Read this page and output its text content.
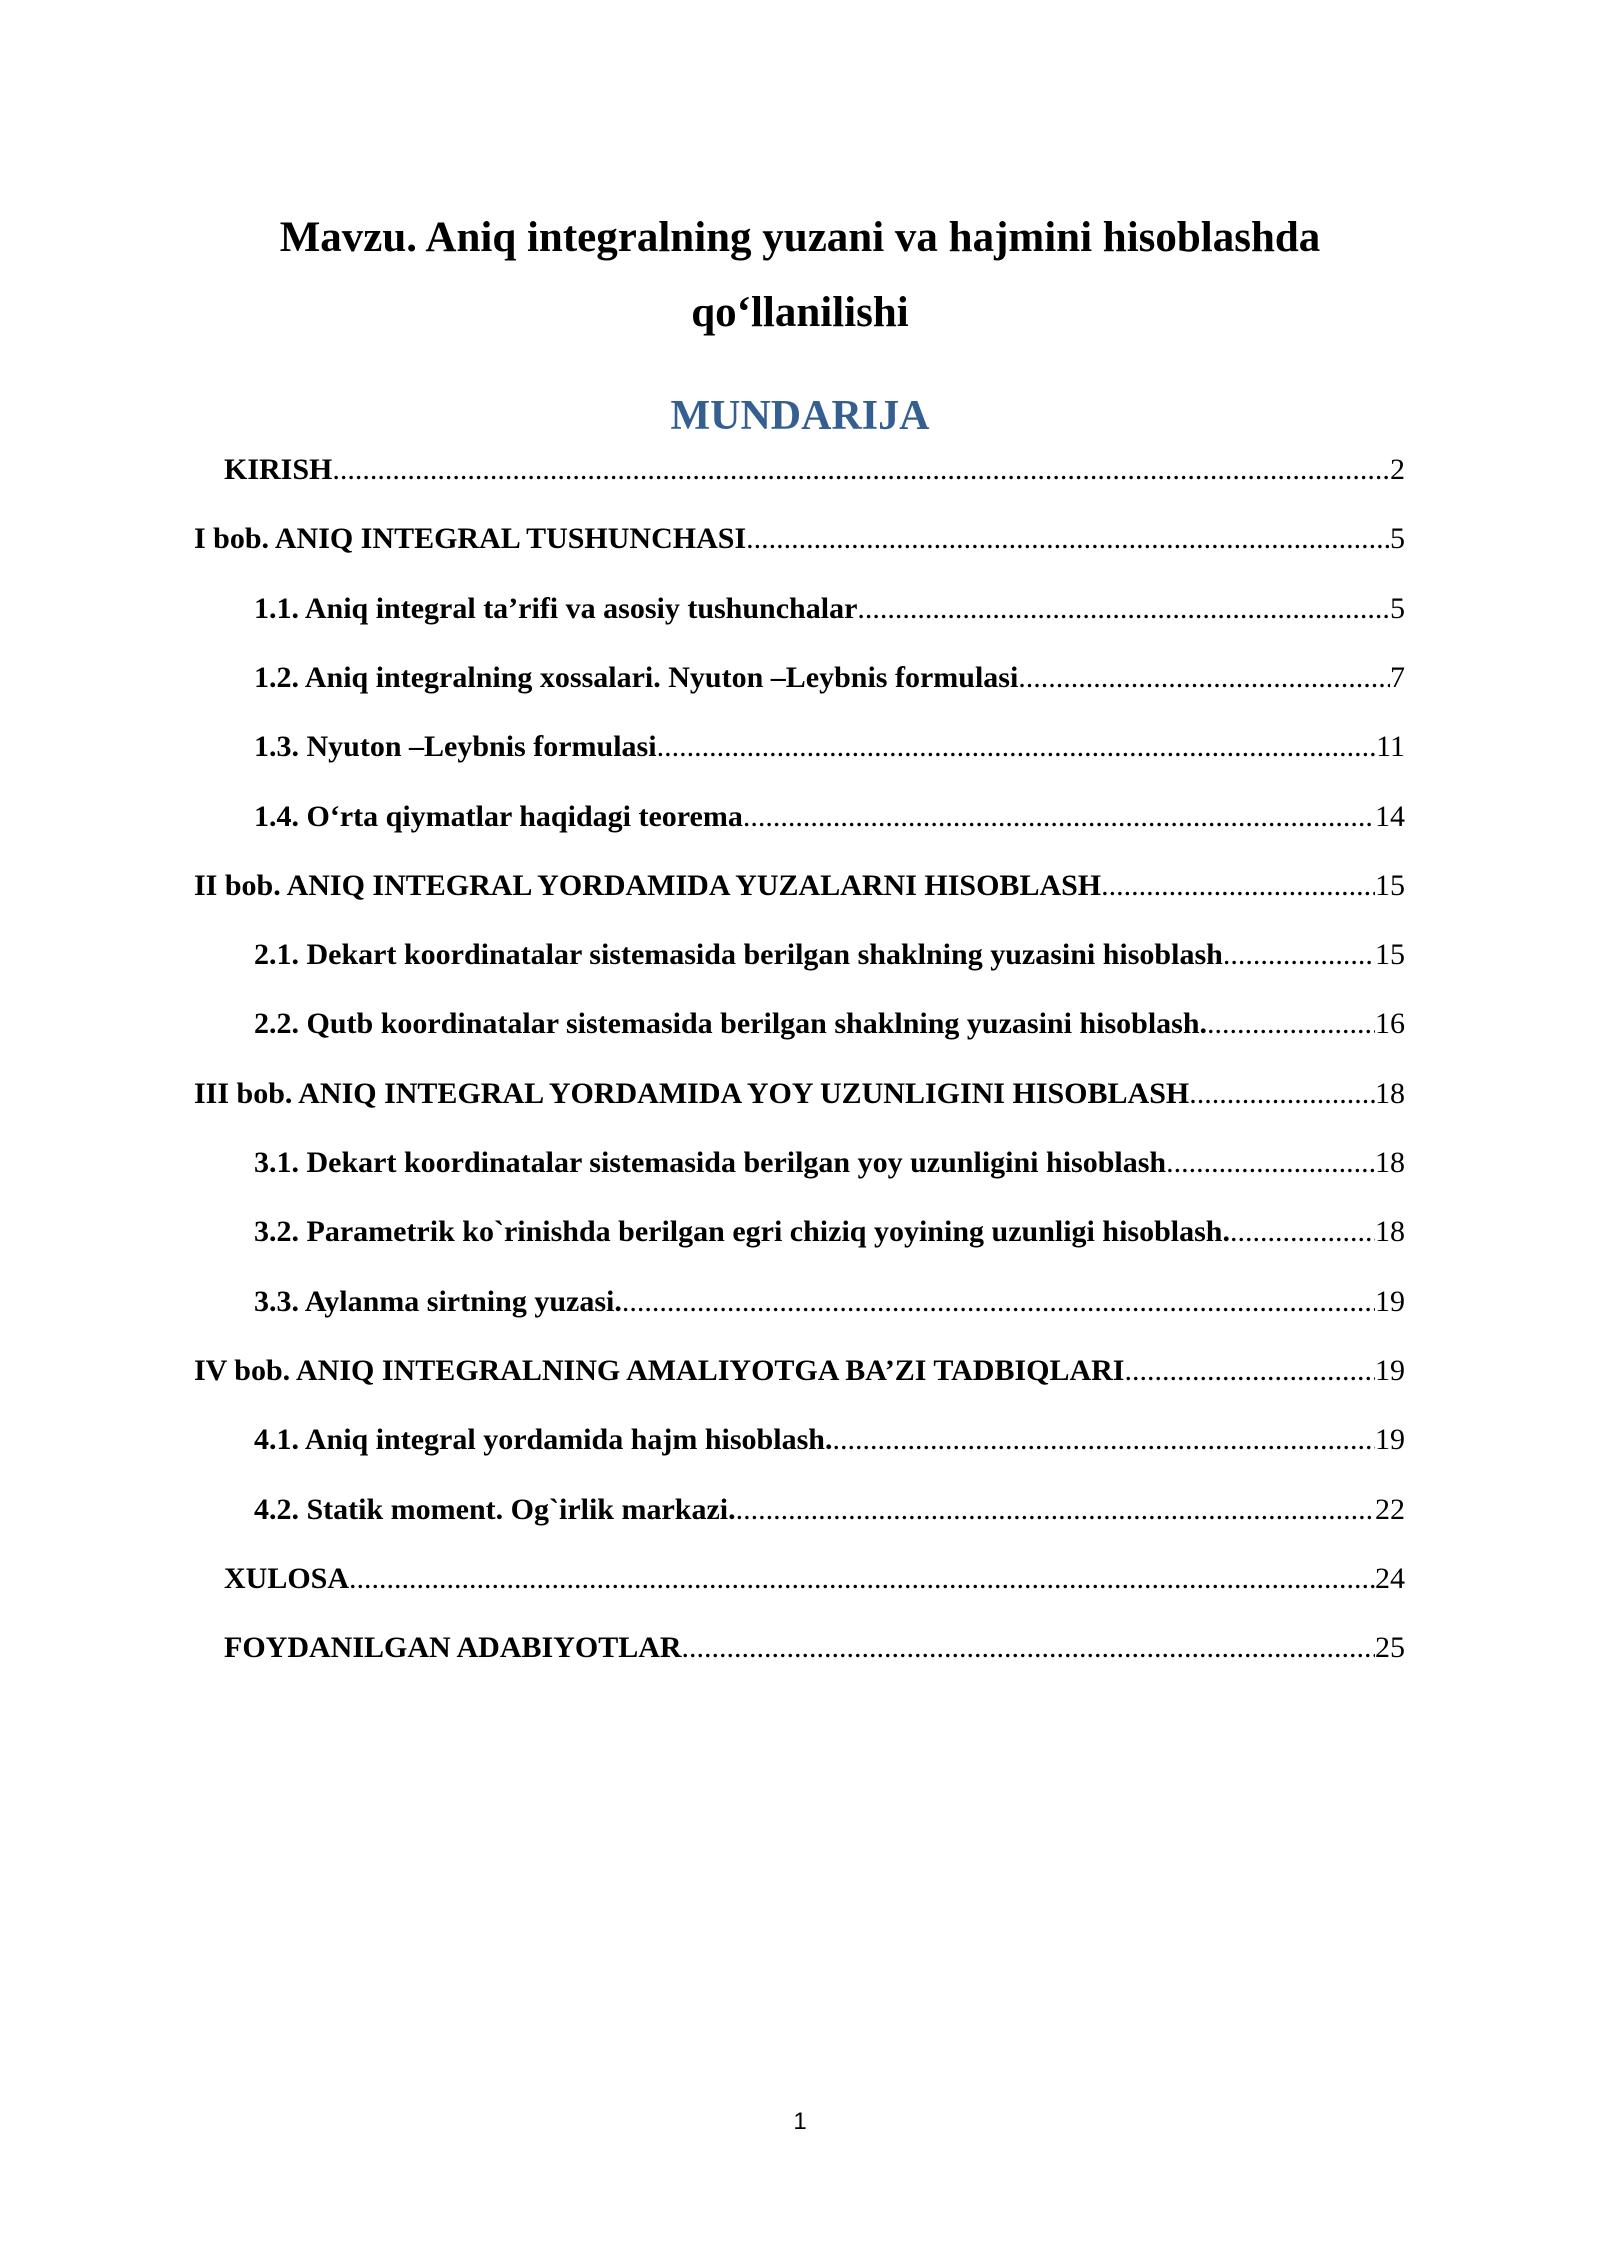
Mavzu. Aniq integralning yuzani va hajmini hisoblashda
qo‘llanilishi
MUNDARIJA
KIRISH .....	2
I bob. ANIQ INTEGRAL TUSHUNCHASI .....	5
1.1. Aniq integral ta’rifi va asosiy tushunchalar .....	5
1.2. Aniq integralning xossalari. Nyuton –Leybnis formulasi .....	7
1.3. Nyuton –Leybnis formulasi .....	11
1.4. O‘rta qiymatlar haqidagi teorema .....	14
II bob. ANIQ INTEGRAL YORDAMIDA YUZALARNI HISOBLASH .....	15
2.1. Dekart koordinatalar sistemasida berilgan shaklning yuzasini hisoblash .....	15
2.2. Qutb koordinatalar sistemasida berilgan shaklning yuzasini hisoblash. .....	16
III bob. ANIQ INTEGRAL YORDAMIDA YOY UZUNLIGINI HISOBLASH .....	18
3.1. Dekart koordinatalar sistemasida berilgan yoy uzunligini hisoblash .....	18
3.2. Parametrik ko`rinishda berilgan egri chiziq yoyining uzunligi hisoblash. .....	18
3.3. Aylanma sirtning yuzasi. .....	19
IV bob. ANIQ INTEGRALNING AMALIYOTGA BA’ZI TADBIQLARI .....	19
4.1. Aniq integral yordamida hajm hisoblash. .....	19
4.2. Statik moment. Og`irlik markazi. .....	22
XULOSA .....	24
FOYDANILGAN ADABIYOTLAR .....	25
1
